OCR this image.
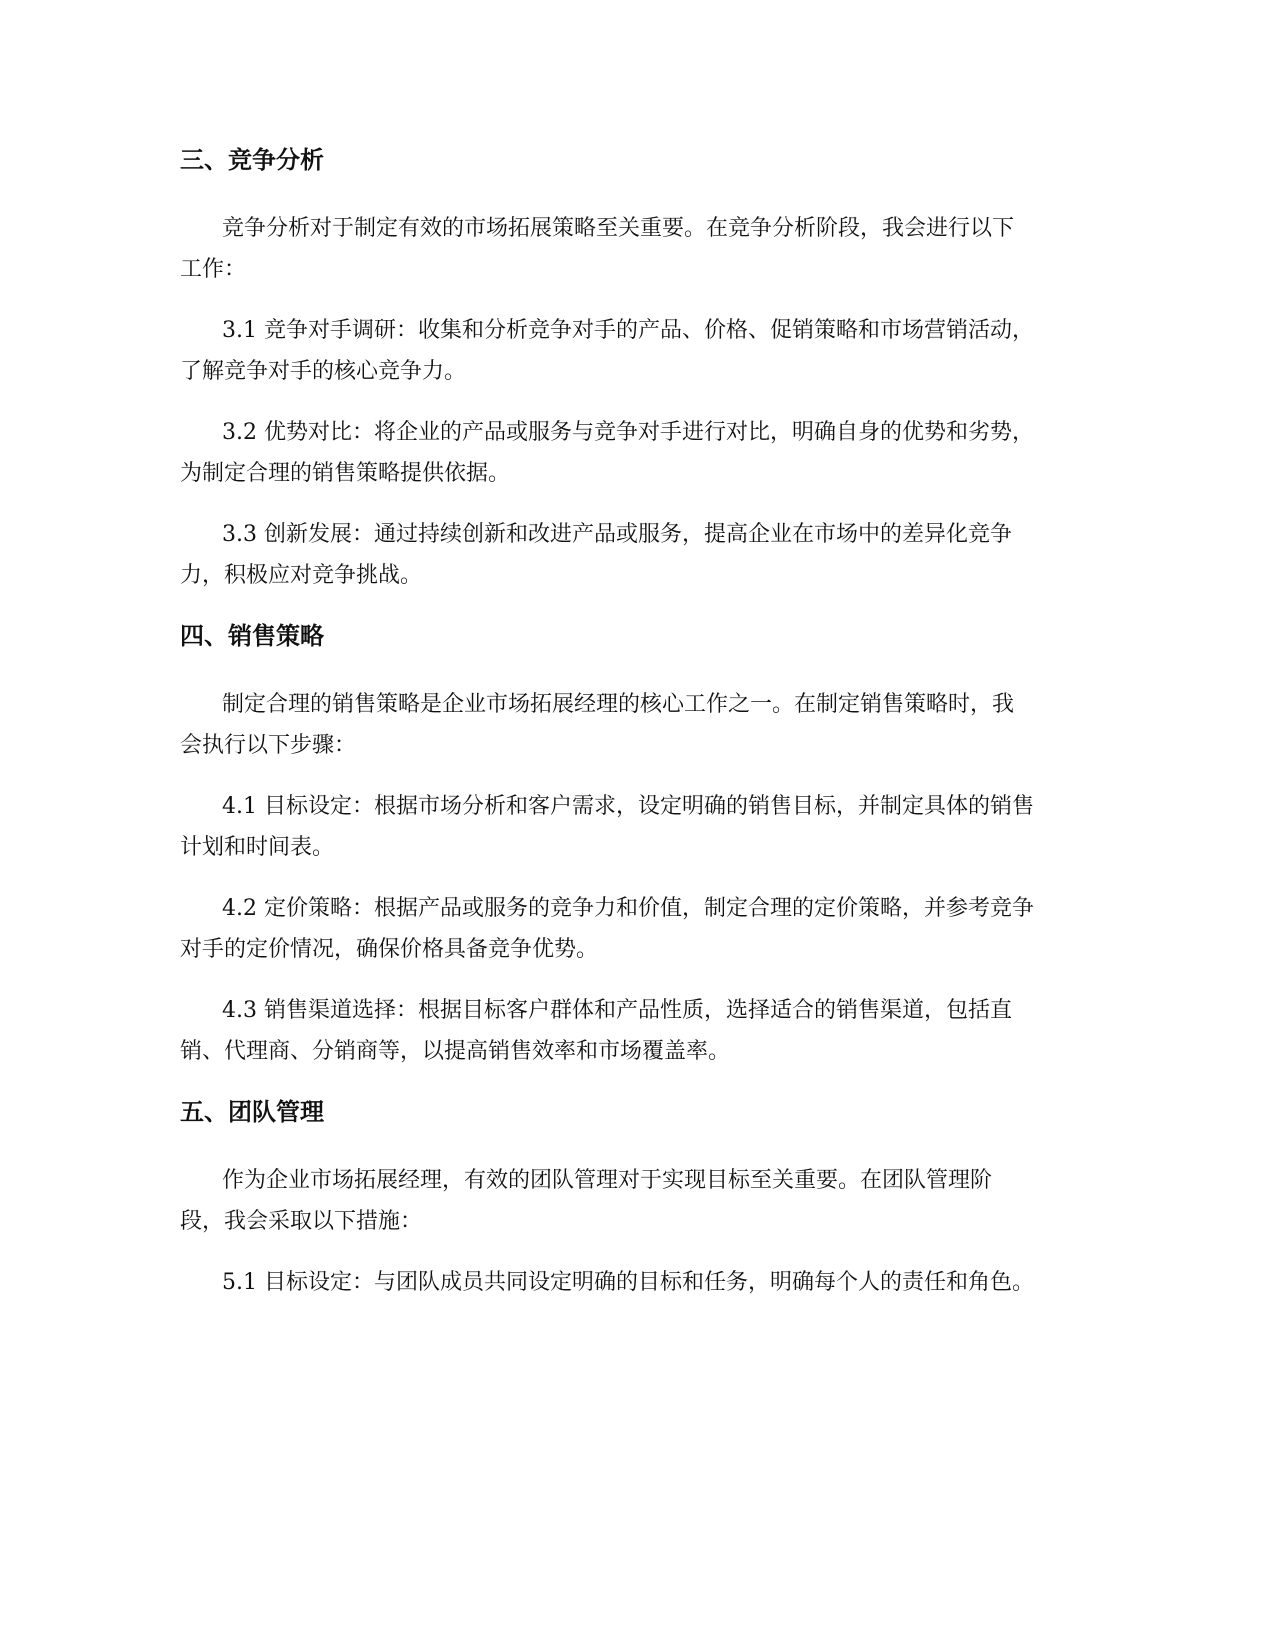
三、竞争分析

竞争分析对于制定有效的市场拓展策略至关重要。在竞争分析阶段，我会进行以下工作：

3.1 竞争对手调研：收集和分析竞争对手的产品、价格、促销策略和市场营销活动，了解竞争对手的核心竞争力。

3.2 优势对比：将企业的产品或服务与竞争对手进行对比，明确自身的优势和劣势，为制定合理的销售策略提供依据。

3.3 创新发展：通过持续创新和改进产品或服务，提高企业在市场中的差异化竞争力，积极应对竞争挑战。

四、销售策略

制定合理的销售策略是企业市场拓展经理的核心工作之一。在制定销售策略时，我会执行以下步骤：

4.1 目标设定：根据市场分析和客户需求，设定明确的销售目标，并制定具体的销售计划和时间表。

4.2 定价策略：根据产品或服务的竞争力和价值，制定合理的定价策略，并参考竞争对手的定价情况，确保价格具备竞争优势。

4.3 销售渠道选择：根据目标客户群体和产品性质，选择适合的销售渠道，包括直销、代理商、分销商等，以提高销售效率和市场覆盖率。

五、团队管理

作为企业市场拓展经理，有效的团队管理对于实现目标至关重要。在团队管理阶段，我会采取以下措施：

5.1 目标设定：与团队成员共同设定明确的目标和任务，明确每个人的责任和角色。
